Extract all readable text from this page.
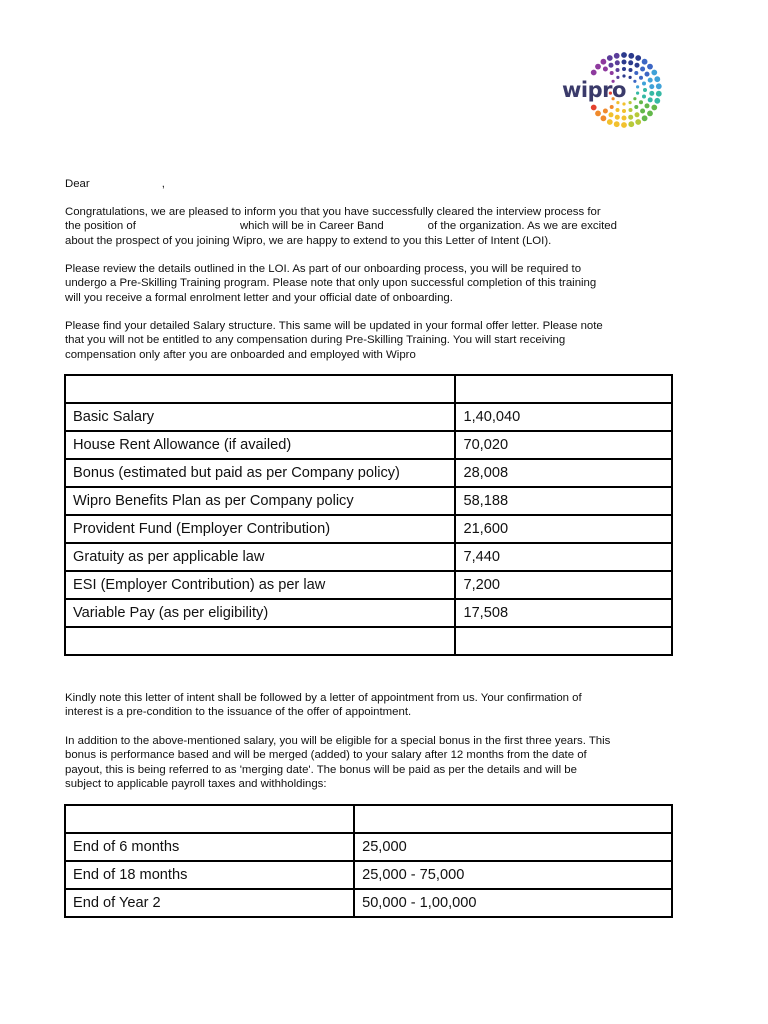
wipro
Dear	,

Congratulations, we are pleased to inform you that you have successfully cleared the interview process for

the position of	which will be in Career Band	of the organization. As we are excited

about the prospect of you joining Wipro, we are happy to extend to you this Letter of Intent (LOI).

Please review the details outlined in the LOI. As part of our onboarding process, you will be required to

undergo a Pre-Skilling Training program. Please note that only upon successful completion of this training

will you receive a formal enrolment letter and your official date of onboarding.

Please find your detailed Salary structure. This same will be updated in your formal offer letter. Please note

that you will not be entitled to any compensation during Pre-Skilling Training. You will start receiving

compensation only after you are onboarded and employed with Wipro

Basic Salary	1,40,040
House Rent Allowance (if availed)	70,020
Bonus (estimated but paid as per Company policy)	28,008
Wipro Benefits Plan as per Company policy	58,188
Provident Fund (Employer Contribution)	21,600
Gratuity as per applicable law	7,440
ESI (Employer Contribution) as per law	7,200
Variable Pay (as per eligibility)	17,508

Kindly note this letter of intent shall be followed by a letter of appointment from us. Your confirmation of

interest is a pre-condition to the issuance of the offer of appointment.

In addition to the above-mentioned salary, you will be eligible for a special bonus in the first three years. This

bonus is performance based and will be merged (added) to your salary after 12 months from the date of

payout, this is being referred to as 'merging date'. The bonus will be paid as per the details and will be

subject to applicable payroll taxes and withholdings:

End of 6 months	25,000
End of 18 months	25,000 - 75,000
End of Year 2	50,000 - 1,00,000
